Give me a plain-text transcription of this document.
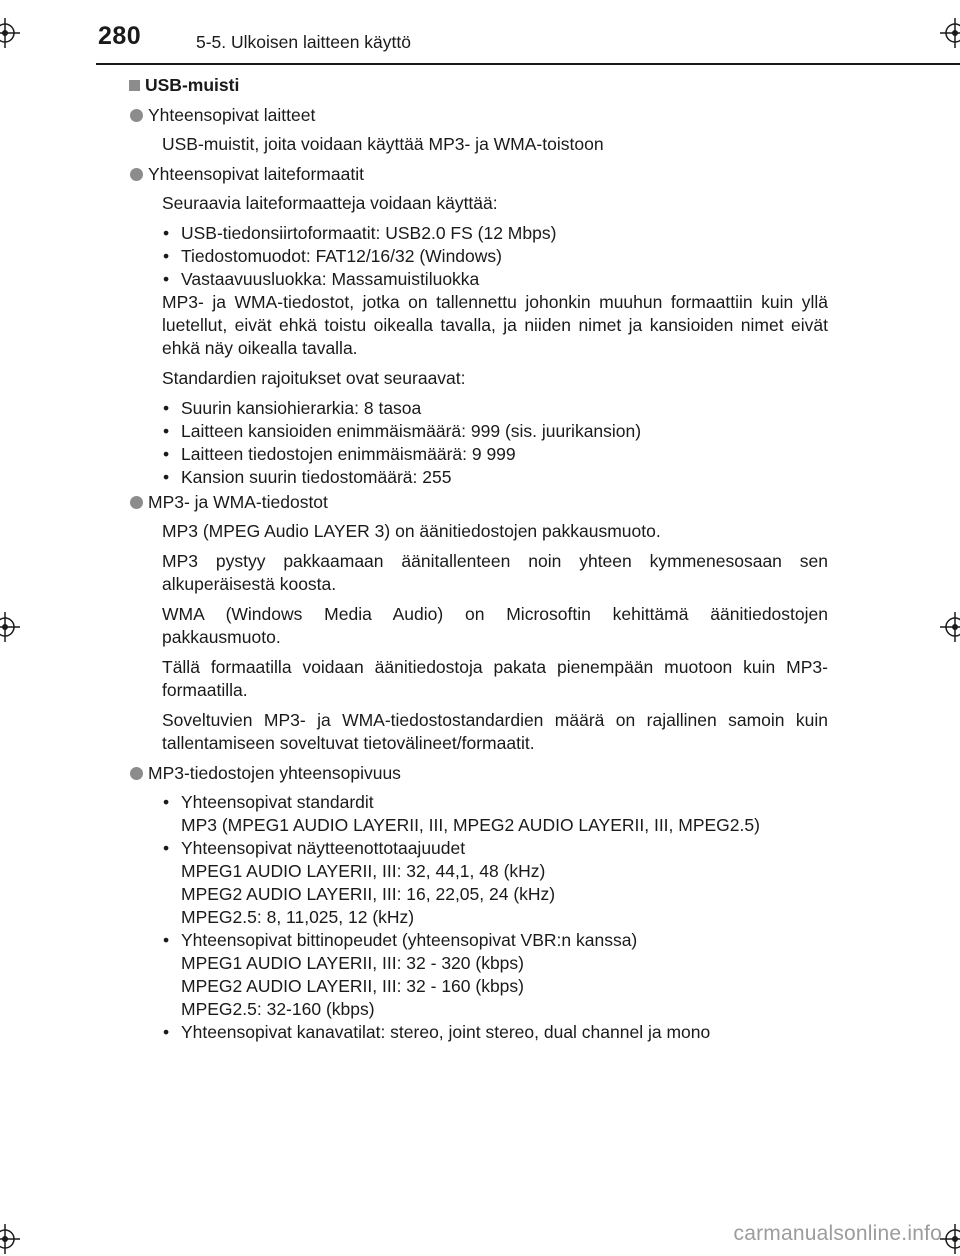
280	5-5. Ulkoisen laitteen käyttö
USB-muisti
Yhteensopivat laitteet

USB-muistit, joita voidaan käyttää MP3- ja WMA-toistoon

Yhteensopivat laiteformaatit

Seuraavia laiteformaatteja voidaan käyttää:

• USB-tiedonsiirtoformaatit: USB2.0 FS (12 Mbps)
• Tiedostomuodot: FAT12/16/32 (Windows)
• Vastaavuusluokka: Massamuistiluokka

MP3- ja WMA-tiedostot, jotka on tallennettu johonkin muuhun formaattiin kuin yllä luetellut, eivät ehkä toistu oikealla tavalla, ja niiden nimet ja kansioiden nimet eivät ehkä näy oikealla tavalla.

Standardien rajoitukset ovat seuraavat:

• Suurin kansiohierarkia: 8 tasoa
• Laitteen kansioiden enimmäismäärä: 999 (sis. juurikansion)
• Laitteen tiedostojen enimmäismäärä: 9 999
• Kansion suurin tiedostomäärä: 255
MP3- ja WMA-tiedostot

MP3 (MPEG Audio LAYER 3) on äänitiedostojen pakkausmuoto.

MP3 pystyy pakkaamaan äänitallenteen noin yhteen kymmenesosaan sen alkuperäisestä koosta.

WMA (Windows Media Audio) on Microsoftin kehittämä äänitiedostojen pakkausmuoto.

Tällä formaatilla voidaan äänitiedostoja pakata pienempään muotoon kuin MP3-formaatilla.

Soveltuvien MP3- ja WMA-tiedostostandardien määrä on rajallinen samoin kuin tallentamiseen soveltuvat tietovälineet/formaatit.

MP3-tiedostojen yhteensopivuus
• Yhteensopivat standardit
MP3 (MPEG1 AUDIO LAYERII, III, MPEG2 AUDIO LAYERII, III, MPEG2.5)
• Yhteensopivat näytteenottotaajuudet
MPEG1 AUDIO LAYERII, III: 32, 44,1, 48 (kHz)
MPEG2 AUDIO LAYERII, III: 16, 22,05, 24 (kHz)
MPEG2.5: 8, 11,025, 12 (kHz)
• Yhteensopivat bittinopeudet (yhteensopivat VBR:n kanssa)
MPEG1 AUDIO LAYERII, III: 32 - 320 (kbps)
MPEG2 AUDIO LAYERII, III: 32 - 160 (kbps)
MPEG2.5: 32-160 (kbps)
• Yhteensopivat kanavatilat: stereo, joint stereo, dual channel ja mono
carmanualsonline.info
